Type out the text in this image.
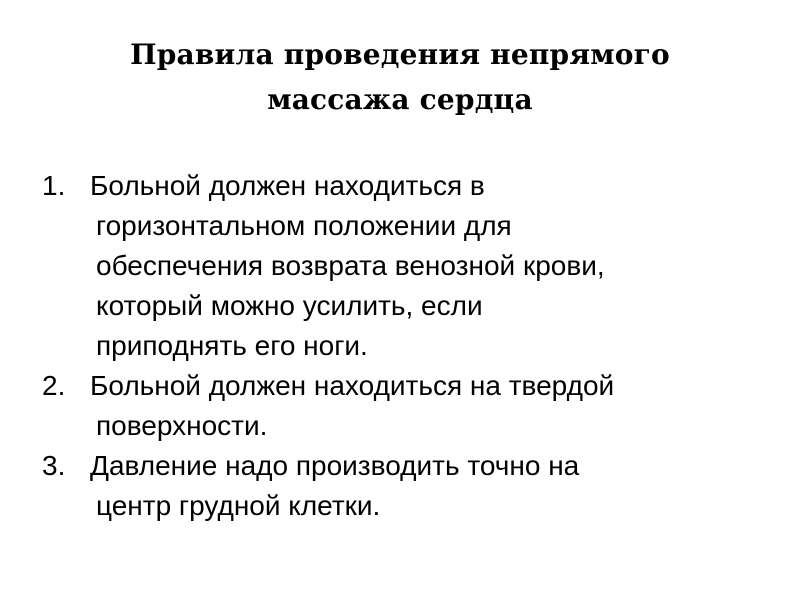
Правила проведения непрямого
массажа сердца
1. Больной должен находиться в
горизонтальном положении для
обеспечения возврата венозной крови,
который можно усилить, если
приподнять его ноги.
2. Больной должен находиться на твердой
поверхности.
3. Давление надо производить точно на
центр грудной клетки.
